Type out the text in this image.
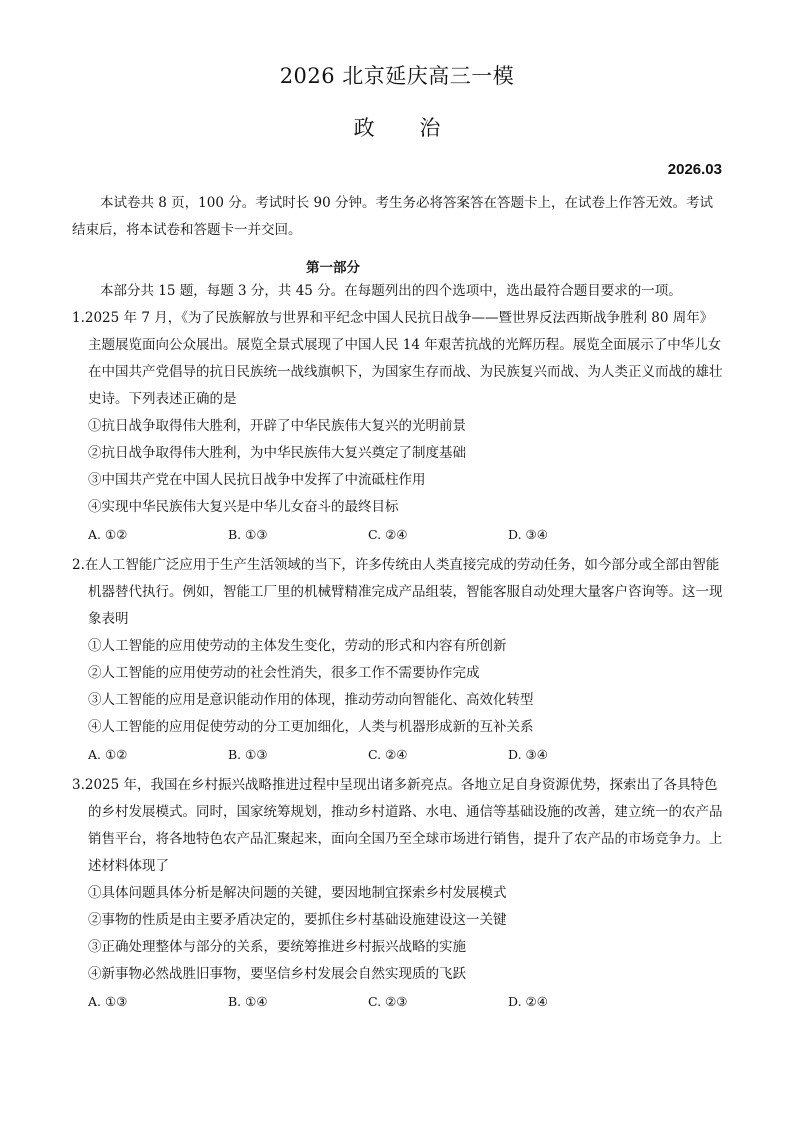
2026 北京延庆高三一模
政 治
2026.03
本试卷共 8 页，100 分。考试时长 90 分钟。考生务必将答案答在答题卡上，在试卷上作答无效。考试结束后，将本试卷和答题卡一并交回。
第一部分
本部分共 15 题，每题 3 分，共 45 分。在每题列出的四个选项中，选出最符合题目要求的一项。
1.2025 年 7 月，《为了民族解放与世界和平纪念中国人民抗日战争——暨世界反法西斯战争胜利 80 周年》主题展览面向公众展出。展览全景式展现了中国人民 14 年艰苦抗战的光辉历程。展览全面展示了中华儿女在中国共产党倡导的抗日民族统一战线旗帜下，为国家生存而战、为民族复兴而战、为人类正义而战的雄壮史诗。下列表述正确的是
①抗日战争取得伟大胜利，开辟了中华民族伟大复兴的光明前景
②抗日战争取得伟大胜利，为中华民族伟大复兴奠定了制度基础
③中国共产党在中国人民抗日战争中发挥了中流砥柱作用
④实现中华民族伟大复兴是中华儿女奋斗的最终目标
A. ①②	B. ①③	C. ②④	D. ③④
2.在人工智能广泛应用于生产生活领域的当下，许多传统由人类直接完成的劳动任务，如今部分或全部由智能机器替代执行。例如，智能工厂里的机械臂精准完成产品组装，智能客服自动处理大量客户咨询等。这一现象表明
①人工智能的应用使劳动的主体发生变化，劳动的形式和内容有所创新
②人工智能的应用使劳动的社会性消失，很多工作不需要协作完成
③人工智能的应用是意识能动作用的体现，推动劳动向智能化、高效化转型
④人工智能的应用促使劳动的分工更加细化，人类与机器形成新的互补关系
A. ①②	B. ①③	C. ②④	D. ③④
3.2025 年，我国在乡村振兴战略推进过程中呈现出诸多新亮点。各地立足自身资源优势，探索出了各具特色的乡村发展模式。同时，国家统筹规划，推动乡村道路、水电、通信等基础设施的改善，建立统一的农产品销售平台，将各地特色农产品汇聚起来，面向全国乃至全球市场进行销售，提升了农产品的市场竞争力。上述材料体现了
①具体问题具体分析是解决问题的关键，要因地制宜探索乡村发展模式
②事物的性质是由主要矛盾决定的，要抓住乡村基础设施建设这一关键
③正确处理整体与部分的关系，要统筹推进乡村振兴战略的实施
④新事物必然战胜旧事物，要坚信乡村发展会自然实现质的飞跃
A. ①③	B. ①④	C. ②③	D. ②④
